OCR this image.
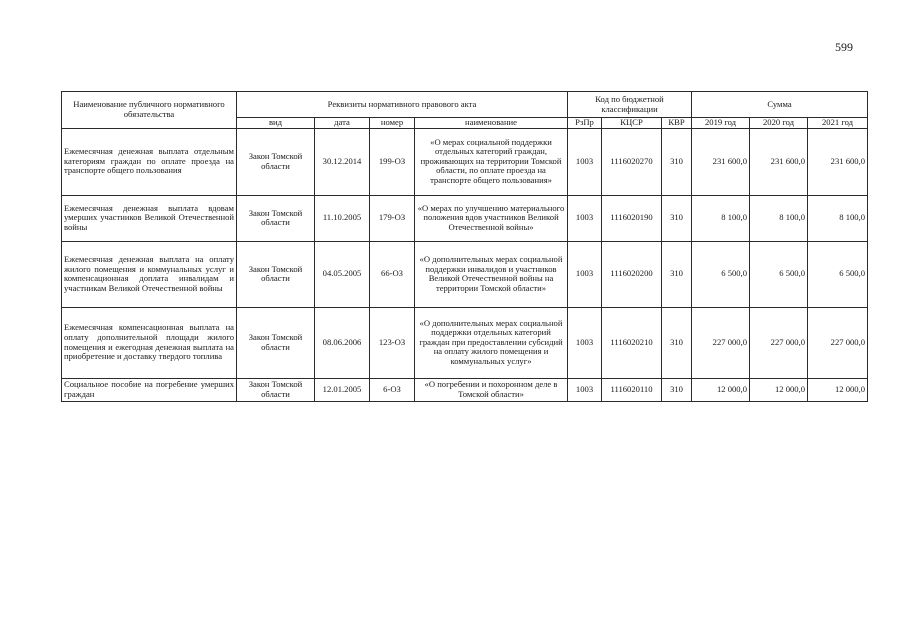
599
Наименование публичного нормативного обязательства	Реквизиты нормативного правового акта				Код по бюджетной классификации			Сумма		
	вид	дата	номер	наименование	РзПр	КЦСР	КВР	2019 год	2020 год	2021 год
Ежемесячная денежная выплата отдельным категориям граждан по оплате проезда на транспорте общего пользования	Закон Томской области	30.12.2014	199-ОЗ	«О мерах социальной поддержки отдельных категорий граждан, проживающих на территории Томской области, по оплате проезда на транспорте общего пользования»	1003	1116020270	310	231 600,0	231 600,0	231 600,0
Ежемесячная денежная выплата вдовам умерших участников Великой Отечественной войны	Закон Томской области	11.10.2005	179-ОЗ	«О мерах по улучшению материального положения вдов участников Великой Отечественной войны»	1003	1116020190	310	8 100,0	8 100,0	8 100,0
Ежемесячная денежная выплата на оплату жилого помещения и коммунальных услуг и компенсационная доплата инвалидам и участникам Великой Отечественной войны	Закон Томской области	04.05.2005	66-ОЗ	«О дополнительных мерах социальной поддержки инвалидов и участников Великой Отечественной войны на территории Томской области»	1003	1116020200	310	6 500,0	6 500,0	6 500,0
Ежемесячная компенсационная выплата на оплату дополнительной площади жилого помещения и ежегодная денежная выплата на приобретение и доставку твердого топлива	Закон Томской области	08.06.2006	123-ОЗ	«О дополнительных мерах социальной поддержки отдельных категорий граждан при предоставлении субсидий на оплату жилого помещения и коммунальных услуг»	1003	1116020210	310	227 000,0	227 000,0	227 000,0
Социальное пособие на погребение умерших граждан	Закон Томской области	12.01.2005	6-ОЗ	«О погребении и похоронном деле в Томской области»	1003	1116020110	310	12 000,0	12 000,0	12 000,0
